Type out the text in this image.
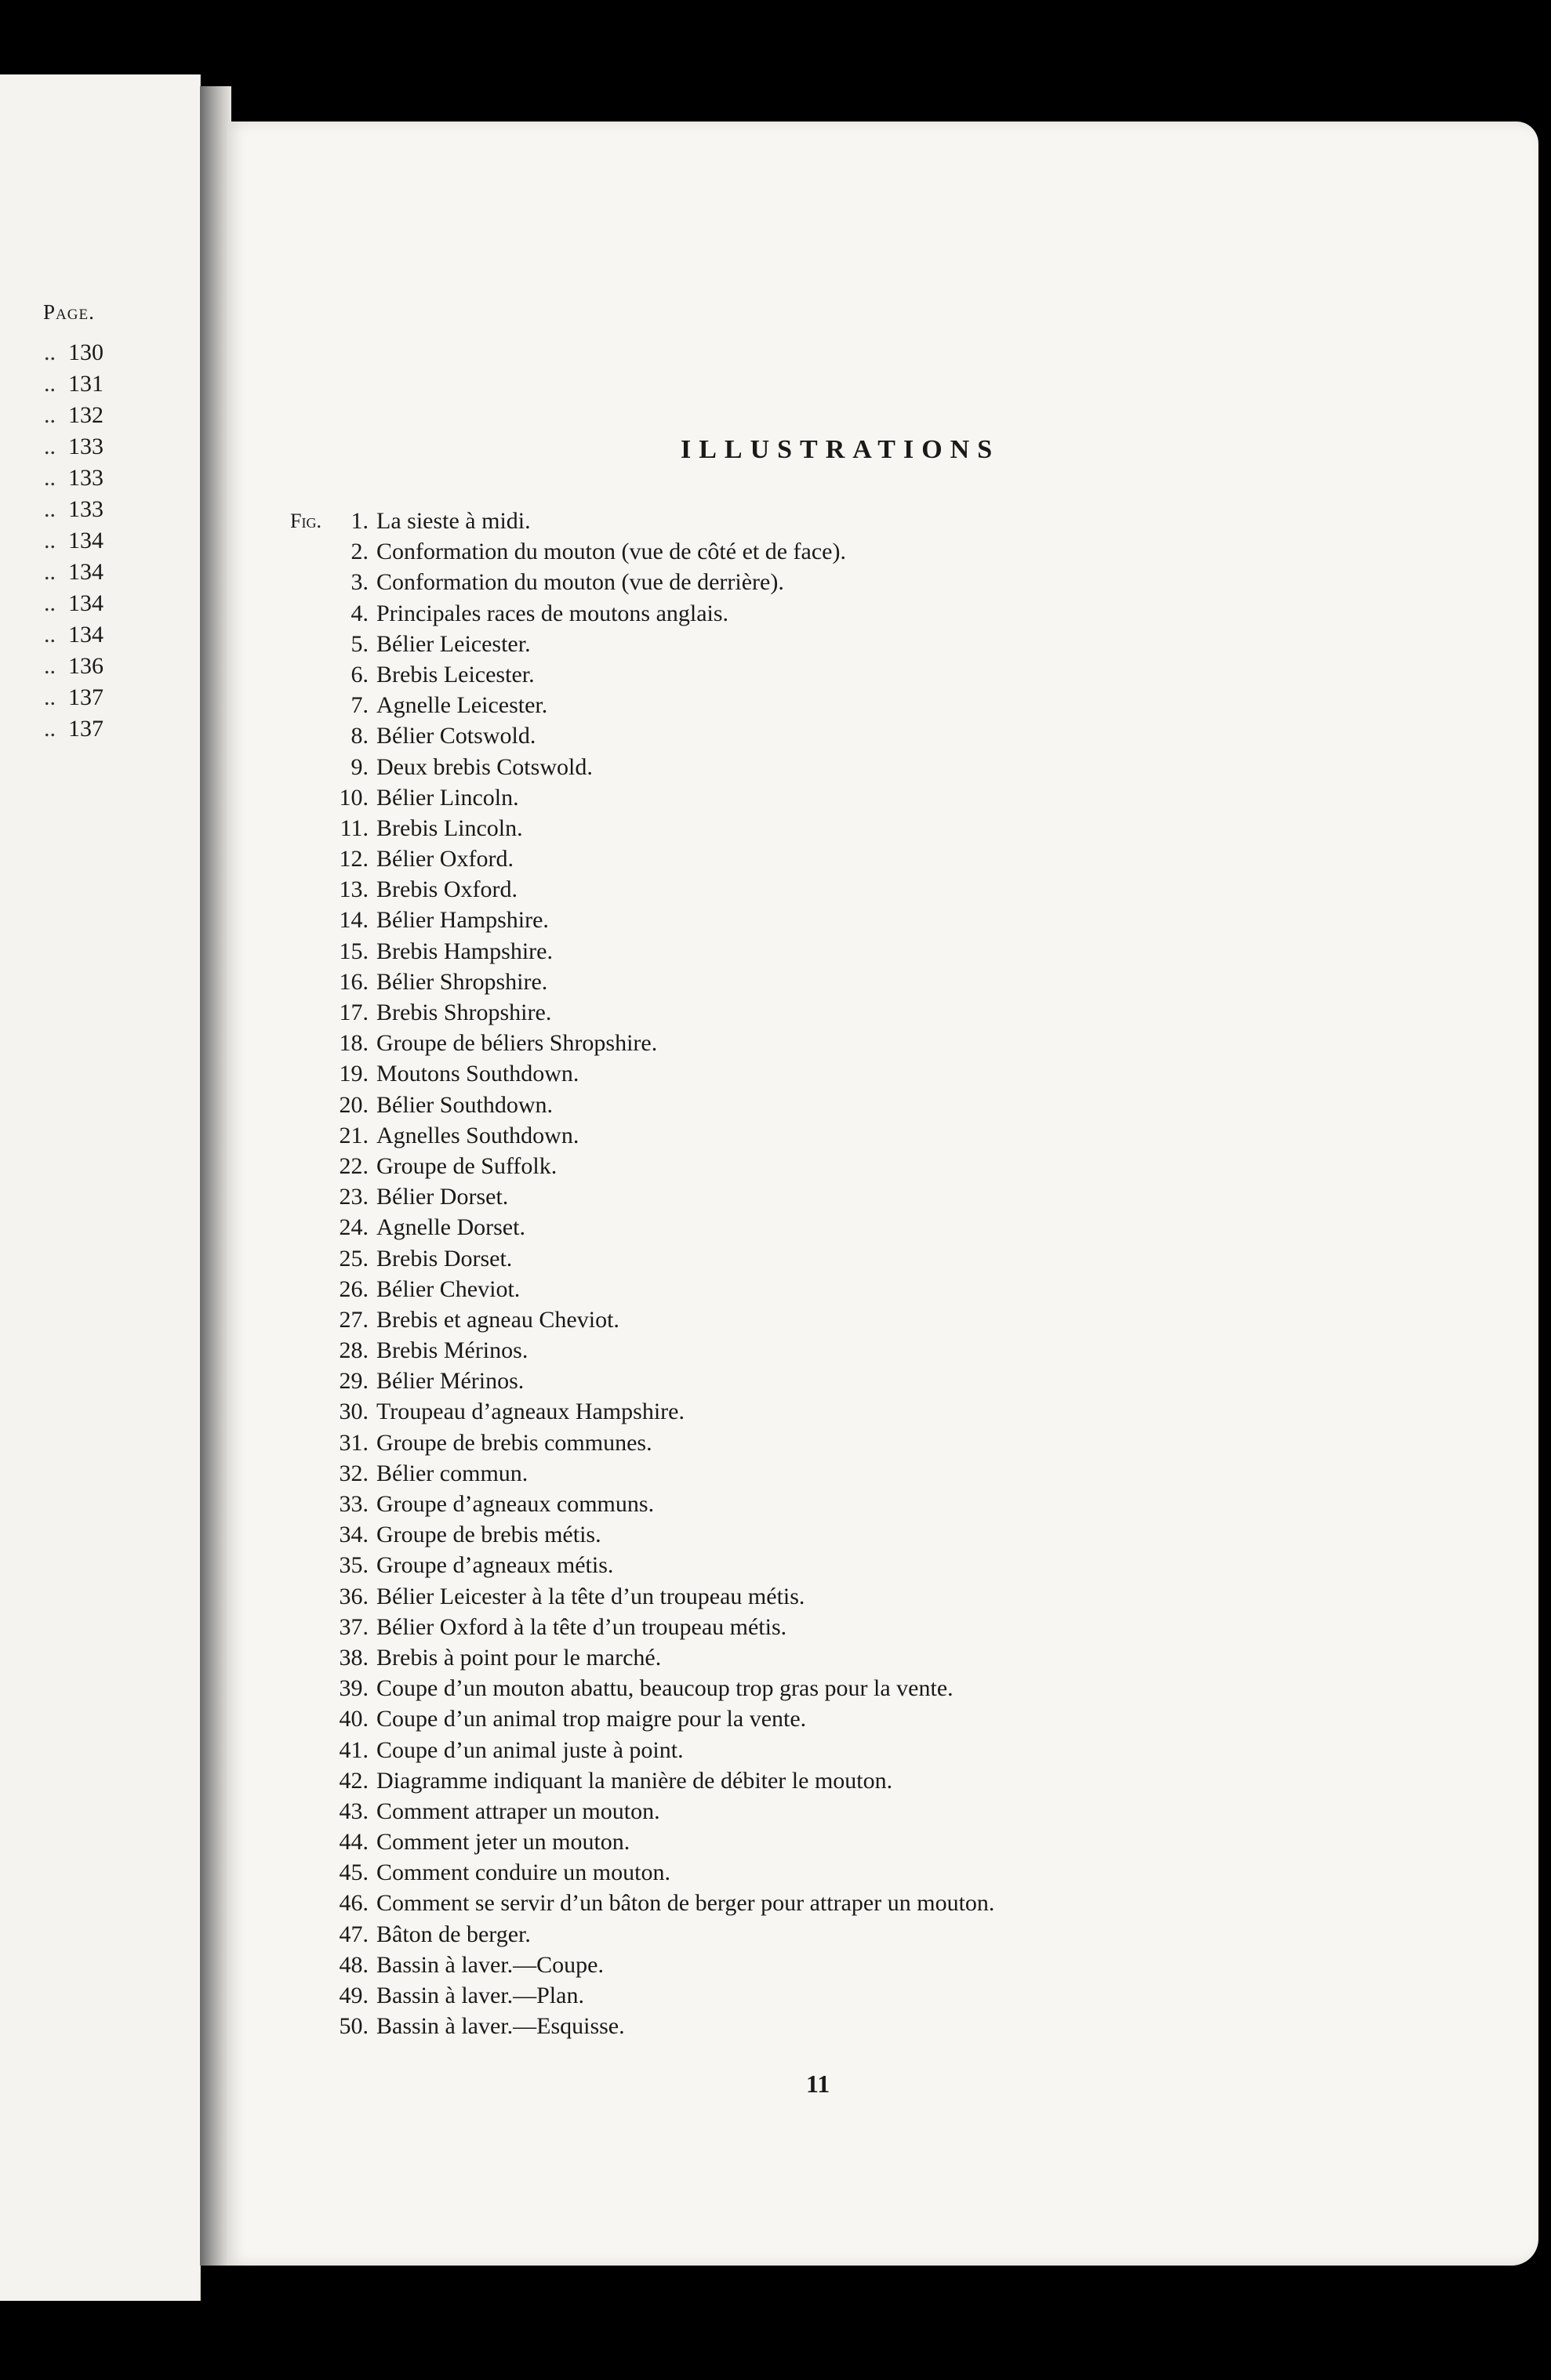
Page.
.. 130
.. 131
.. 132
.. 133
.. 133
.. 133
.. 134
.. 134
.. 134
.. 134
.. 136
.. 137
.. 137
ILLUSTRATIONS
Fig.	1. La sieste à midi.
2. Conformation du mouton (vue de côté et de face).
3. Conformation du mouton (vue de derrière).
4. Principales races de moutons anglais.
5. Bélier Leicester.
6. Brebis Leicester.
7. Agnelle Leicester.
8. Bélier Cotswold.
9. Deux brebis Cotswold.
10. Bélier Lincoln.
11. Brebis Lincoln.
12. Bélier Oxford.
13. Brebis Oxford.
14. Bélier Hampshire.
15. Brebis Hampshire.
16. Bélier Shropshire.
17. Brebis Shropshire.
18. Groupe de béliers Shropshire.
19. Moutons Southdown.
20. Bélier Southdown.
21. Agnelles Southdown.
22. Groupe de Suffolk.
23. Bélier Dorset.
24. Agnelle Dorset.
25. Brebis Dorset.
26. Bélier Cheviot.
27. Brebis et agneau Cheviot.
28. Brebis Mérinos.
29. Bélier Mérinos.
30. Troupeau d’agneaux Hampshire.
31. Groupe de brebis communes.
32. Bélier commun.
33. Groupe d’agneaux communs.
34. Groupe de brebis métis.
35. Groupe d’agneaux métis.
36. Bélier Leicester à la tête d’un troupeau métis.
37. Bélier Oxford à la tête d’un troupeau métis.
38. Brebis à point pour le marché.
39. Coupe d’un mouton abattu, beaucoup trop gras pour la vente.
40. Coupe d’un animal trop maigre pour la vente.
41. Coupe d’un animal juste à point.
42. Diagramme indiquant la manière de débiter le mouton.
43. Comment attraper un mouton.
44. Comment jeter un mouton.
45. Comment conduire un mouton.
46. Comment se servir d’un bâton de berger pour attraper un mouton.
47. Bâton de berger.
48. Bassin à laver.—Coupe.
49. Bassin à laver.—Plan.
50. Bassin à laver.—Esquisse.
11
